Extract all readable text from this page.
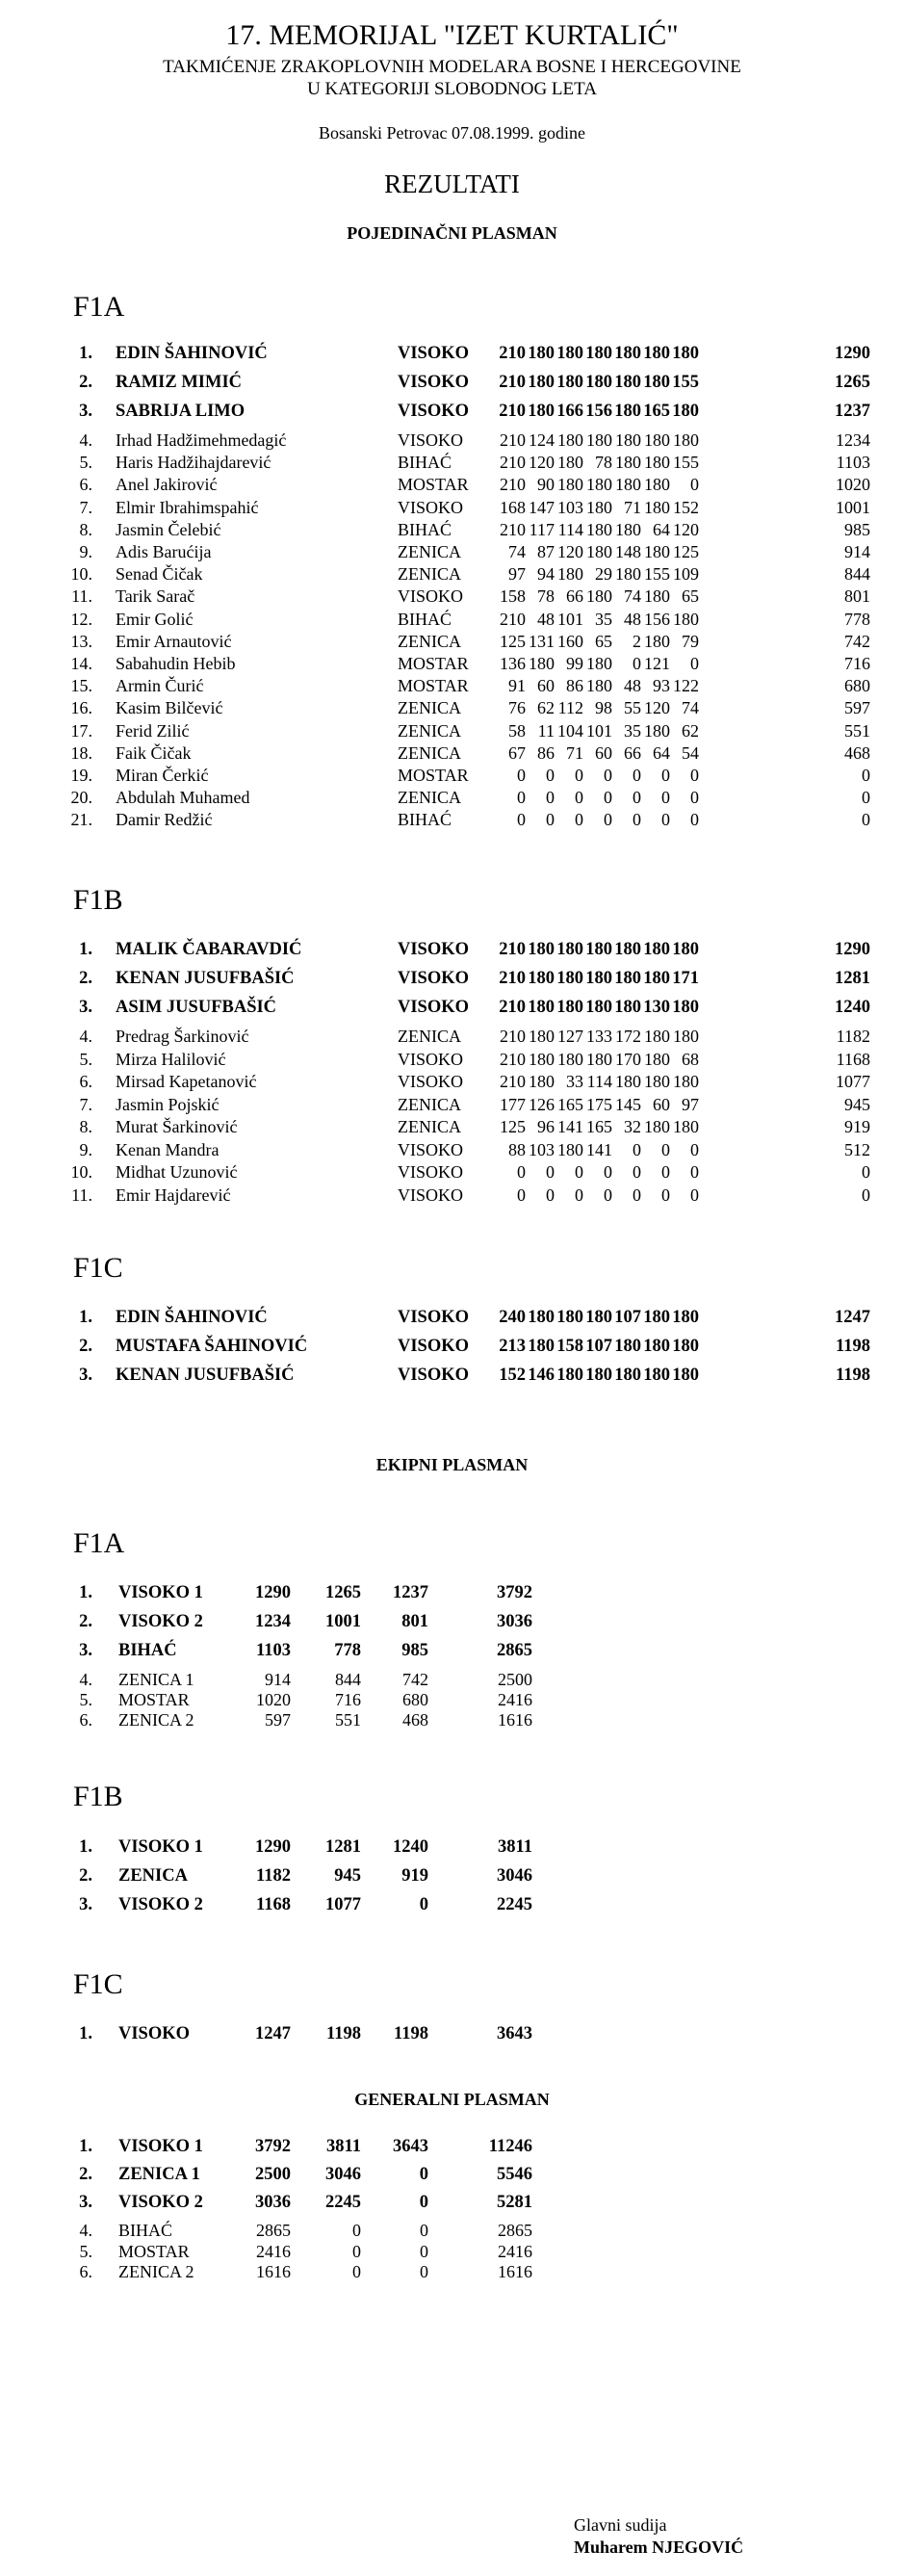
17. MEMORIJAL "IZET KURTALIĆ"
TAKMIĆENJE ZRAKOPLOVNIH MODELARA BOSNE I HERCEGOVINE
U KATEGORIJI SLOBODNOG LETA
Bosanski Petrovac 07.08.1999. godine
REZULTATI
POJEDINAČNI PLASMAN
EKIPNI PLASMAN
GENERALNI PLASMAN
F1A
1. EDIN ŠAHINOVIĆ	VISOKO	210 180 180 180 180 180 180	1290
2. RAMIZ MIMIĆ	VISOKO	210 180 180 180 180 180 155	1265
3. SABRIJA LIMO	VISOKO	210 180 166 156 180 165 180	1237
4. Irhad Hadžimehmedagić	VISOKO	210 124 180 180 180 180 180	1234
5. Haris Hadžihajdarević	BIHAĆ	210 120 180 78 180 180 155	1103
6. Anel Jakirović	MOSTAR	210 90 180 180 180 180	0	1020
7. Elmir Ibrahimspahić	VISOKO	168 147 103 180 71 180 152	1001
8. Jasmin Čelebić	BIHAĆ	210 117 114 180 180 64 120	985
9. Adis Barućija	ZENICA	74 87 120 180 148 180 125	914
10. Senad Čičak	ZENICA	97 94 180 29 180 155 109	844
11. Tarik Sarač	VISOKO	158 78 66 180 74 180 65	801
12. Emir Golić	BIHAĆ	210 48 101 35 48 156 180	778
13. Emir Arnautović	ZENICA	125 131 160 65	2 180 79	742
14. Sabahudin Hebib	MOSTAR	136 180 99 180	0 121	0	716
15. Armin Čurić	MOSTAR	91 60 86 180 48 93 122	680
16. Kasim Bilčević	ZENICA	76 62 112 98 55 120 74	597
17. Ferid Zilić	ZENICA	58 11 104 101 35 180 62	551
18. Faik Čičak	ZENICA	67 86 71 60 66 64 54	468
19. Miran Čerkić	MOSTAR	0	0	0	0	0	0	0	0
20. Abdulah Muhamed	ZENICA	0	0	0	0	0	0	0	0
21. Damir Redžić	BIHAĆ	0	0	0	0	0	0	0	0
F1B
1. MALIK ČABARAVDIĆ	VISOKO	210 180 180 180 180 180 180	1290
2. KENAN JUSUFBAŠIĆ	VISOKO	210 180 180 180 180 180 171	1281
3. ASIM JUSUFBAŠIĆ	VISOKO	210 180 180 180 180 130 180	1240
4. Predrag Šarkinović	ZENICA	210 180 127 133 172 180 180	1182
5. Mirza Halilović	VISOKO	210 180 180 180 170 180 68	1168
6. Mirsad Kapetanović	VISOKO	210 180 33 114 180 180 180	1077
7. Jasmin Pojskić	ZENICA	177 126 165 175 145 60 97	945
8. Murat Šarkinović	ZENICA	125 96 141 165 32 180 180	919
9. Kenan Mandra	VISOKO	88 103 180 141	0	0	0	512
10. Midhat Uzunović	VISOKO	0	0	0	0	0	0	0	0
11. Emir Hajdarević	VISOKO	0	0	0	0	0	0	0	0
F1C
1. EDIN ŠAHINOVIĆ	VISOKO	240 180 180 180 107 180 180	1247
2. MUSTAFA ŠAHINOVIĆ	VISOKO	213 180 158 107 180 180 180	1198
3. KENAN JUSUFBAŠIĆ	VISOKO	152 146 180 180 180 180 180	1198
F1A
1. VISOKO 1	1290	1265	1237	3792
2. VISOKO 2	1234	1001	801	3036
3. BIHAĆ	1103	778	985	2865
4. ZENICA 1	914	844	742	2500
5. MOSTAR	1020	716	680	2416
6. ZENICA 2	597	551	468	1616
F1B
1. VISOKO 1	1290	1281	1240	3811
2. ZENICA	1182	945	919	3046
3. VISOKO 2	1168	1077	0	2245
F1C
1. VISOKO	1247	1198	1198	3643
1. VISOKO 1	3792	3811	3643	11246
2. ZENICA 1	2500	3046	0	5546
3. VISOKO 2	3036	2245	0	5281
4. BIHAĆ	2865	0	0	2865
5. MOSTAR	2416	0	0	2416
6. ZENICA 2	1616	0	0	1616
Glavni sudija
Muharem NJEGOVIĆ
